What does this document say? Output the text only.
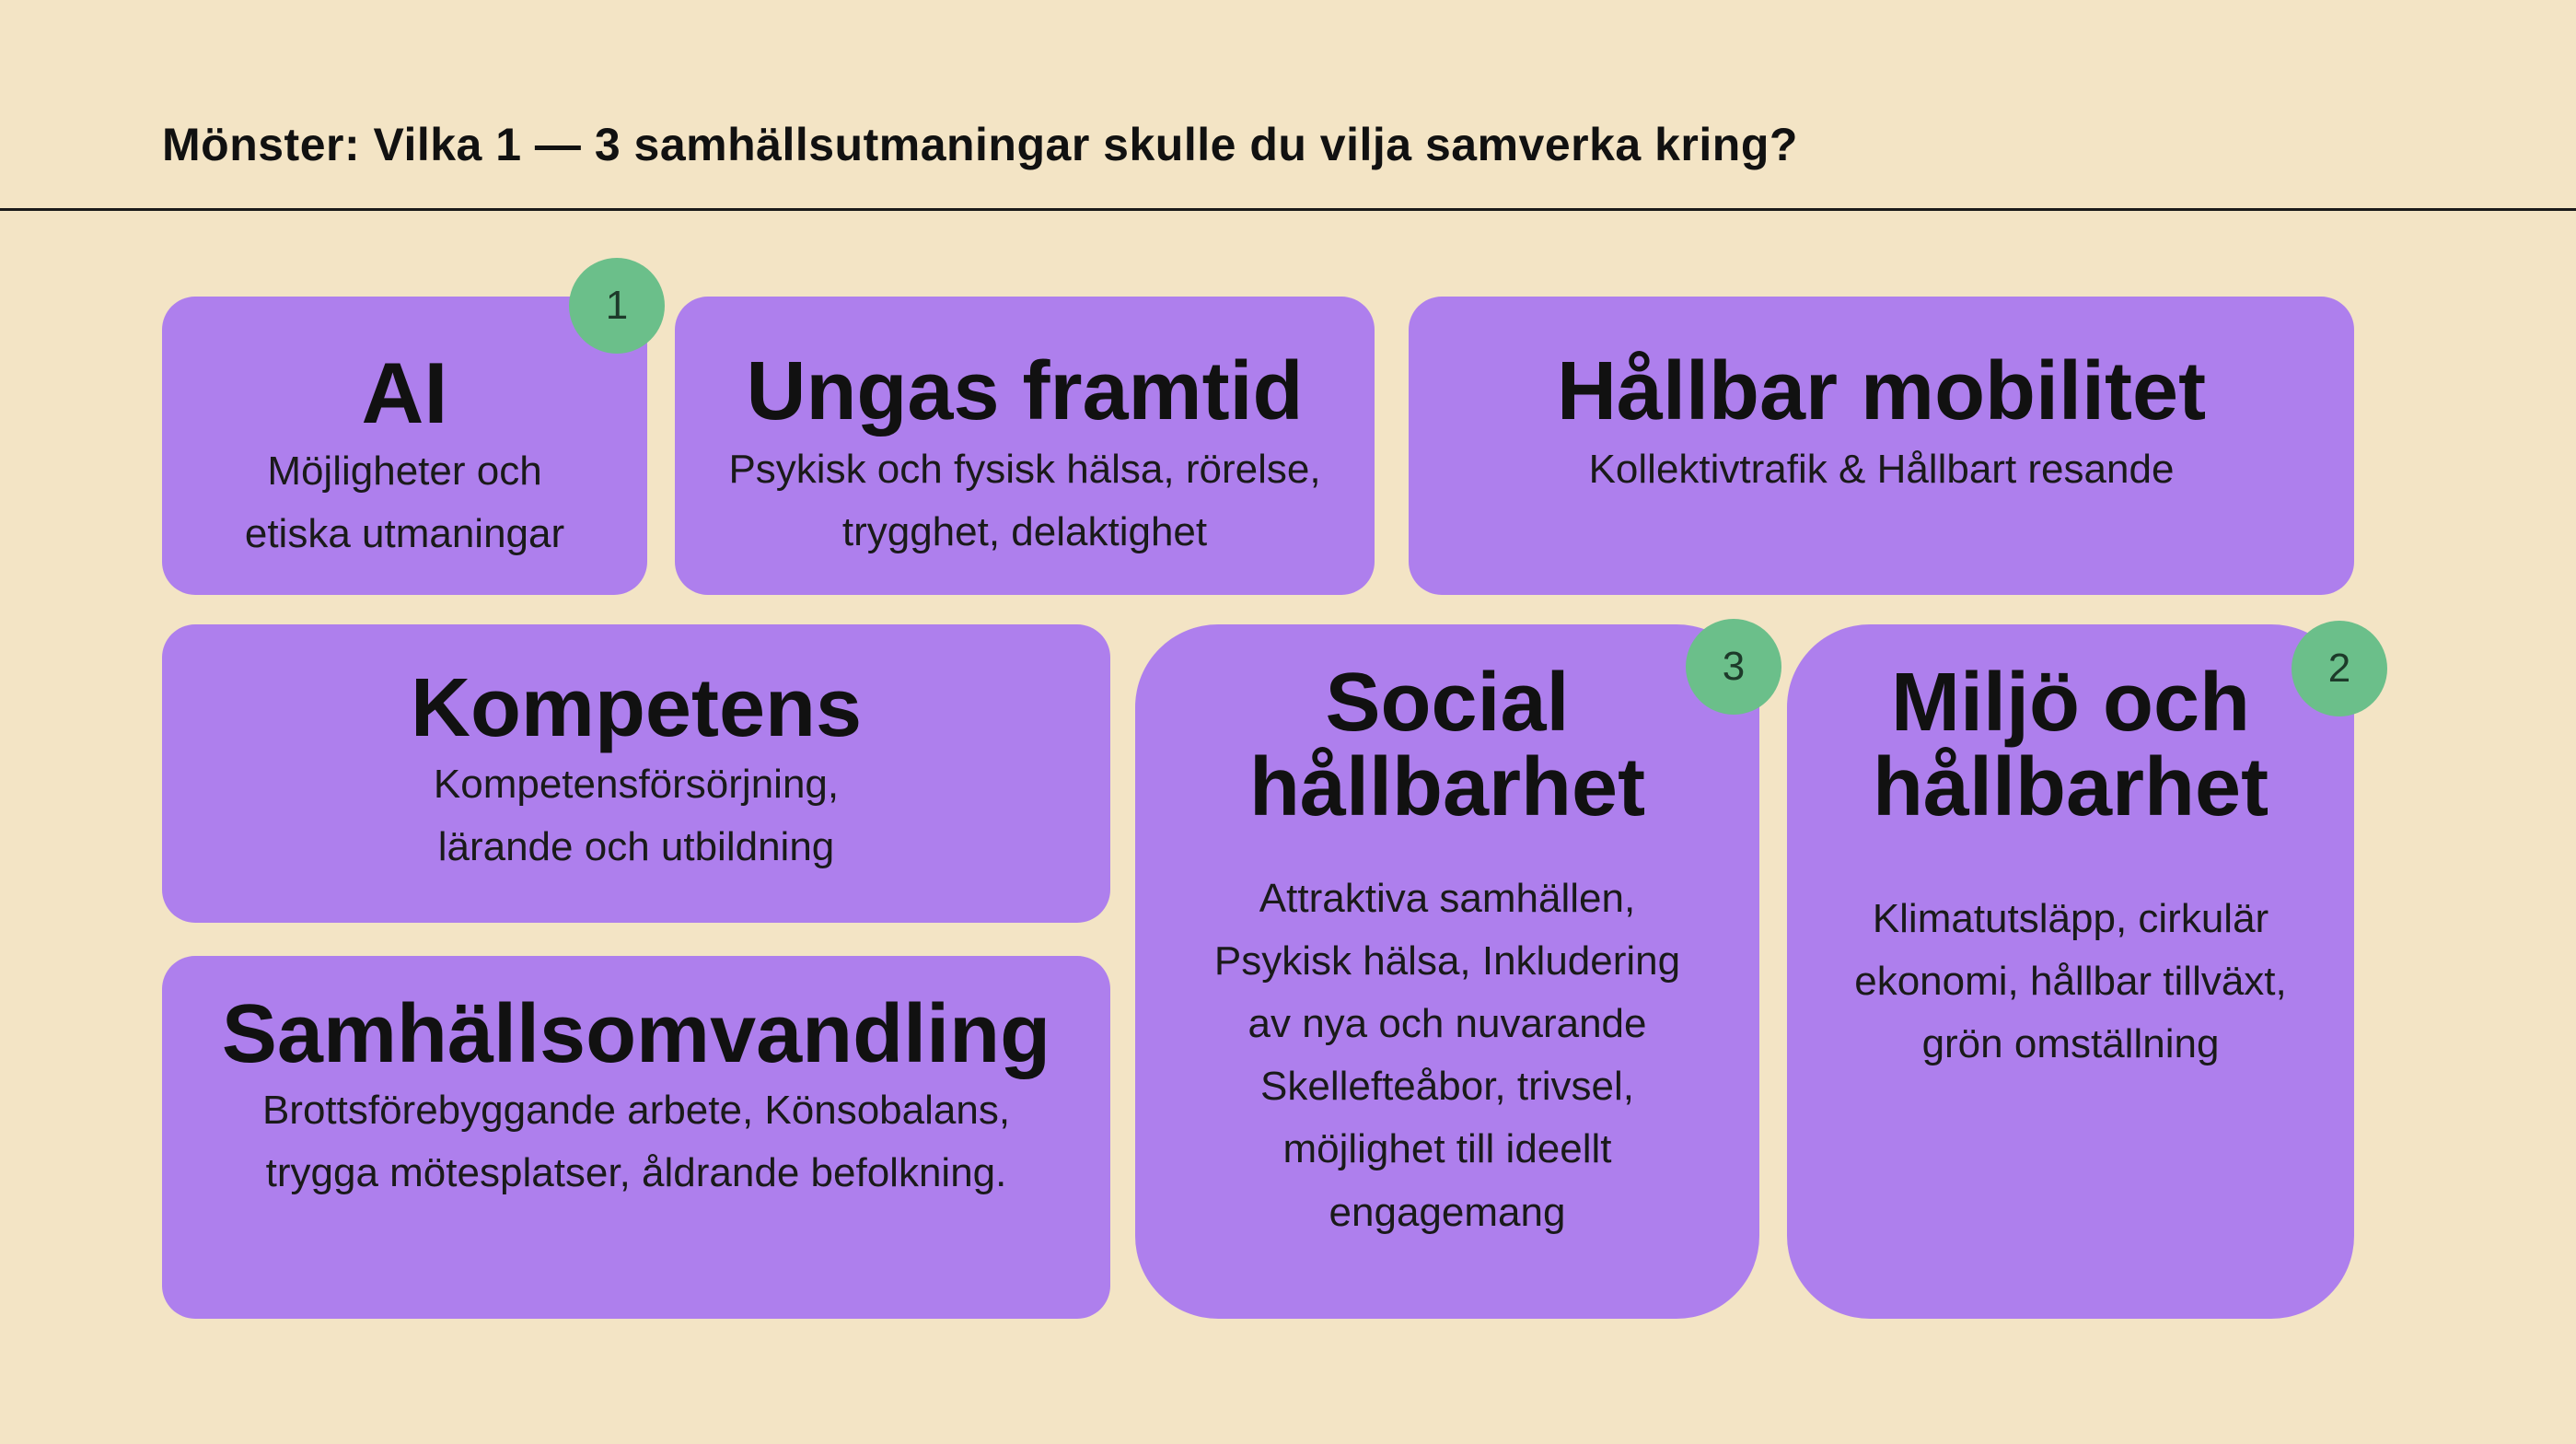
Mönster: Vilka 1 — 3 samhällsutmaningar skulle du vilja samverka kring?
AI
Möjligheter och
etiska utmaningar
Ungas framtid
Psykisk och fysisk hälsa, rörelse,
trygghet, delaktighet
Hållbar mobilitet
Kollektivtrafik & Hållbart resande
Kompetens
Kompetensförsörjning,
lärande och utbildning
Samhällsomvandling
Brottsförebyggande arbete, Könsobalans,
trygga mötesplatser, åldrande befolkning.
Social
hållbarhet
Attraktiva samhällen,
Psykisk hälsa, Inkludering
av nya och nuvarande
Skellefteåbor, trivsel,
möjlighet till ideellt
engagemang
Miljö och
hållbarhet
Klimatutsläpp, cirkulär
ekonomi, hållbar tillväxt,
grön omställning
1
3	2
